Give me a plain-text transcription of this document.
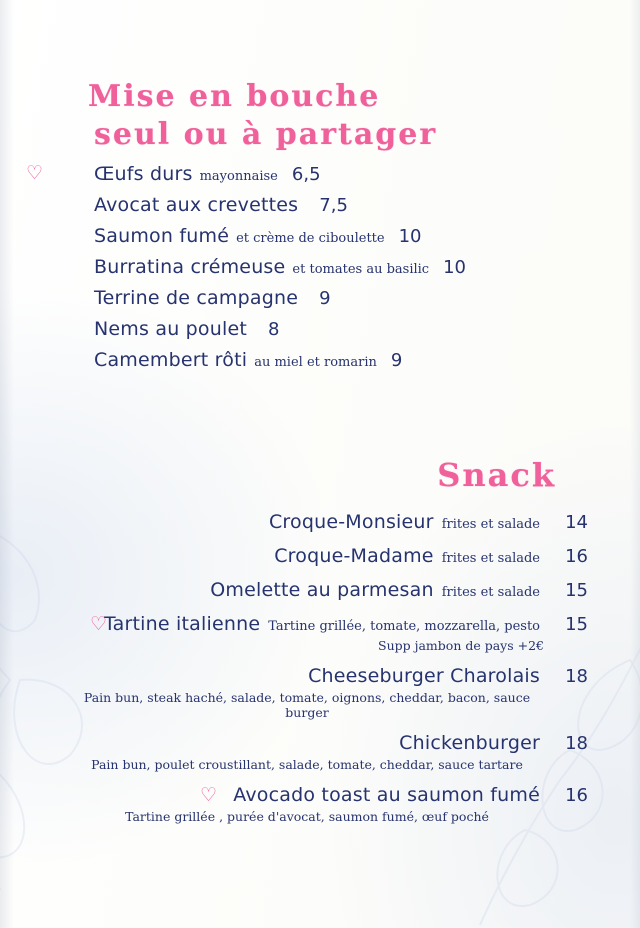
Mise en bouche
seul ou à partager
♡	Œufs durs mayonnaise 6,5
Avocat aux crevettes 7,5
Saumon fumé et crème de ciboulette 10
Burratina crémeuse et tomates au basilic 10
Terrine de campagne 9
Nems au poulet 8
Camembert rôti au miel et romarin 9
Snack
Croque-Monsieur frites et salade	14
Croque-Madame frites et salade	16
Omelette au parmesan frites et salade	15
♡
Tartine italienne Tartine grillée, tomate, mozzarella, pesto	15
Supp jambon de pays +2€
Cheeseburger Charolais	18
Pain bun, steak haché, salade, tomate, oignons, cheddar, bacon, sauce burger
Chickenburger	18
Pain bun, poulet croustillant, salade, tomate, cheddar, sauce tartare
♡ Avocado toast au saumon fumé	16
Tartine grillée , purée d'avocat, saumon fumé, œuf poché
